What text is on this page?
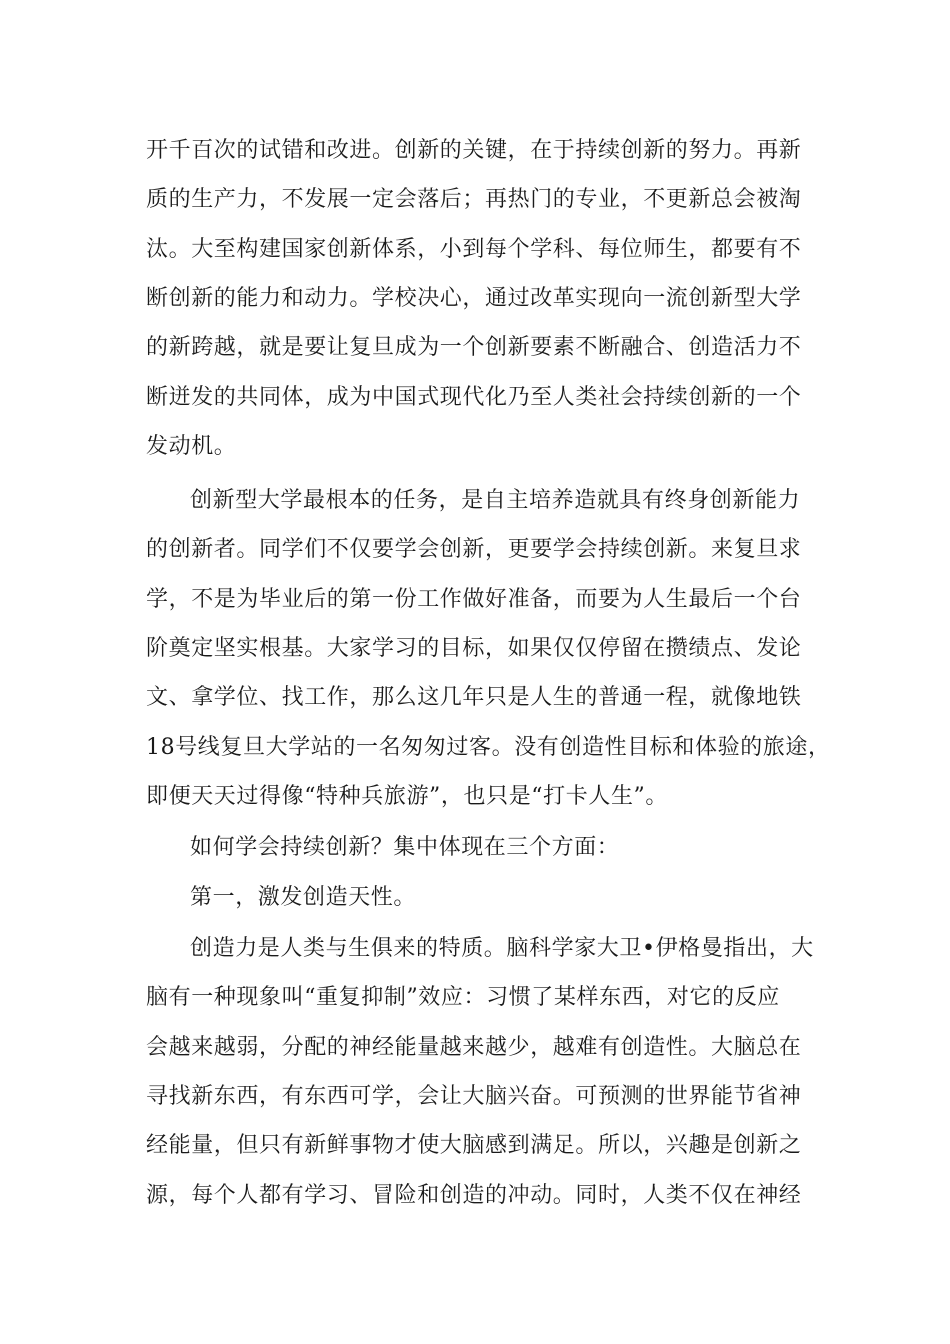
开千百次的试错和改进。创新的关键，在于持续创新的努力。再新
质的生产力，不发展一定会落后；再热门的专业，不更新总会被淘
汰。大至构建国家创新体系，小到每个学科、每位师生，都要有不
断创新的能力和动力。学校决心，通过改革实现向一流创新型大学
的新跨越，就是要让复旦成为一个创新要素不断融合、创造活力不
断迸发的共同体，成为中国式现代化乃至人类社会持续创新的一个
发动机。
创新型大学最根本的任务，是自主培养造就具有终身创新能力
的创新者。同学们不仅要学会创新，更要学会持续创新。来复旦求
学，不是为毕业后的第一份工作做好准备，而要为人生最后一个台
阶奠定坚实根基。大家学习的目标，如果仅仅停留在攒绩点、发论
文、拿学位、找工作，那么这几年只是人生的普通一程，就像地铁
18号线复旦大学站的一名匆匆过客。没有创造性目标和体验的旅途，
即便天天过得像“特种兵旅游”，也只是“打卡人生”。
如何学会持续创新？集中体现在三个方面：
第一，激发创造天性。
创造力是人类与生俱来的特质。脑科学家大卫•伊格曼指出，大
脑有一种现象叫“重复抑制”效应：习惯了某样东西，对它的反应
会越来越弱，分配的神经能量越来越少，越难有创造性。大脑总在
寻找新东西，有东西可学，会让大脑兴奋。可预测的世界能节省神
经能量，但只有新鲜事物才使大脑感到满足。所以，兴趣是创新之
源，每个人都有学习、冒险和创造的冲动。同时，人类不仅在神经
